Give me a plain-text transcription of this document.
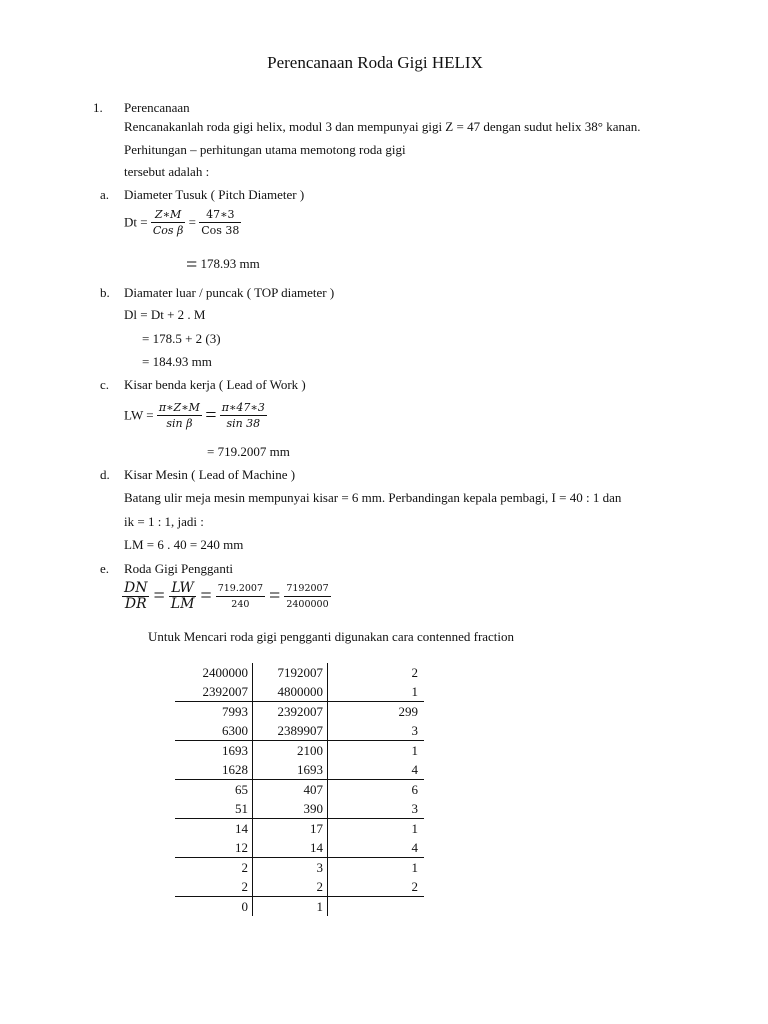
Perencanaan Roda Gigi HELIX
1. Perencanaan
Rencanakanlah roda gigi helix, modul 3 dan mempunyai gigi Z = 47 dengan sudut helix 38° kanan.
Perhitungan – perhitungan utama memotong roda gigi
tersebut adalah :
a. Diameter Tusuk ( Pitch Diameter )
$Dt = \frac{Z∗M}{\text{Cos β}} = \frac{47∗3}{\text{Cos 38}}$
= 178.93 mm
b. Diamater luar / puncak ( TOP diameter )
Dl = Dt + 2 . M
= 178.5 + 2 (3)
= 184.93 mm
c. Kisar benda kerja ( Lead of Work )
LW = $\frac{\pi∗Z∗M}{\text{sin β}} = \frac{\pi∗47∗3}{\sin 38}$
= 719.2007 mm
d. Kisar Mesin ( Lead of Machine )
Batang ulir meja mesin mempunyai kisar = 6 mm. Perbandingan kepala pembagi, I = 40 : 1 dan
ik = 1 : 1, jadi :
LM = 6 . 40 = 240 mm
e. Roda Gigi Pengganti
$\frac{DN}{DR} = \frac{LW}{LM} = \frac{719.2007}{240} = \frac{7192007}{2400000}$
Untuk Mencari roda gigi pengganti digunakan cara contenned fraction
2400000	7192007	2
2392007	4800000	1
7993	2392007	299
6300	2389907	3
1693	2100	1
1628	1693	4
65	407	6
51	390	3
14	17	1
12	14	4
2	3	1
2	2	2
0	1	
